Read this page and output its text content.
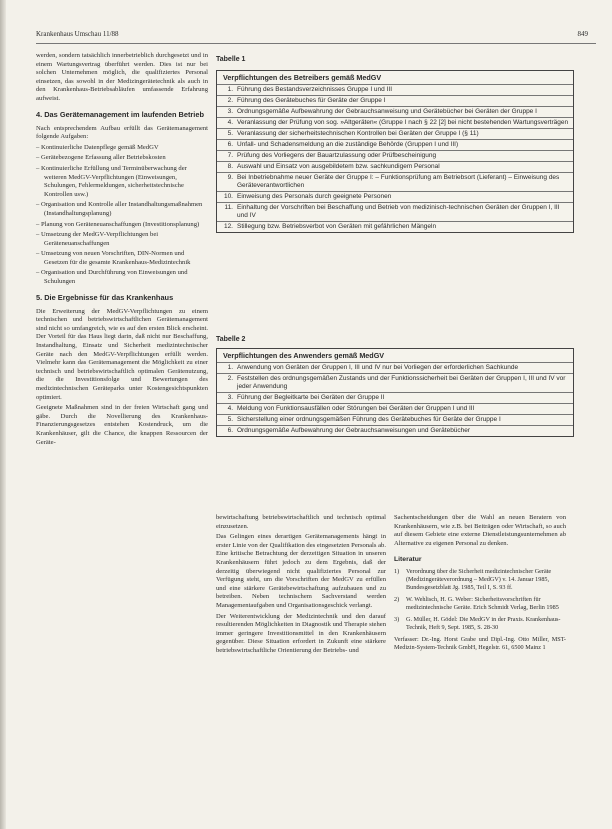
Krankenhaus Umschau 11/88	849

werden, sondern tatsächlich innerbetrieblich durchgesetzt und in einem Wartungsvertrag überführt werden. Dies ist nur bei solchen Unternehmen möglich, die qualifiziertes Personal einsetzen, das sowohl in der Medizingerätetechnik als auch in den Krankenhaus-Betriebsabläufen umfassende Erfahrung aufweist.

4. Das Gerätemanagement im laufenden Betrieb

Nach entsprechendem Aufbau erfüllt das Gerätemanagement folgende Aufgaben:

– Kontinuierliche Datenpflege gemäß MedGV
– Gerätebezogene Erfassung aller Betriebskosten
– Kontinuierliche Erfüllung und Terminüberwachung der weiteren MedGV-Verpflichtungen (Einweisungen, Schulungen, Fehlermeldungen, sicherheitstechnische Kontrollen usw.)
– Organisation und Kontrolle aller Instandhaltungsmaßnahmen (Instandhaltungsplanung)
– Planung von Geräteneuanschaffungen (Investitionsplanung)
– Umsetzung der MedGV-Verpflichtungen bei Geräteneuanschaffungen
– Umsetzung von neuen Vorschriften, DIN-Normen und Gesetzen für die gesamte Krankenhaus-Medizintechnik
– Organisation und Durchführung von Einweisungen und Schulungen
5. Die Ergebnisse für das Krankenhaus

Die Erweiterung der MedGV-Verpflichtungen zu einem technischen und betriebswirtschaftlichen Gerätemanagement sind nicht so umfangreich, wie es auf den ersten Blick erscheint. Der Vorteil für das Haus liegt darin, daß nicht nur Beschaffung, Instandhaltung, Einsatz und Sicherheit medizintechnischer Geräte nach den MedGV-Verpflichtungen erfüllt werden. Vielmehr kann das Gerätemanagement die Möglichkeit zu einer technisch und betriebswirtschaftlich optimalen Gerätenutzung, die die Investitionsfolge und Bewertungen des medizintechnischen Geräteparks unter Kostengesichtspunkten optimiert.

Geeignete Maßnahmen sind in der freien Wirtschaft gang und gäbe. Durch die Novellierung des Krankenhaus-Finanzierungsgesetzes entstehen Kostendruck, um die Krankenhäuser, gilt die Chance, die knappen Ressourcen der Geräte-

Tabelle 1
Verpflichtungen des Betreibers gemäß MedGV
1. Führung des Bestandsverzeichnisses Gruppe I und III
2. Führung des Gerätebuches für Geräte der Gruppe I
3. Ordnungsgemäße Aufbewahrung der Gebrauchsanweisung und Gerätebücher bei Geräten der Gruppe I
4. Veranlassung der Prüfung von sog. »Altgeräten« (Gruppe I nach § 22 [2] bei nicht bestehenden Wartungsverträgen
5. Veranlassung der sicherheitstechnischen Kontrollen bei Geräten der Gruppe I (§ 11)
6. Unfall- und Schadensmeldung an die zuständige Behörde (Gruppen I und III)
7. Prüfung des Vorliegens der Bauartzulassung oder Prüfbescheinigung
8. Auswahl und Einsatz von ausgebildetem bzw. sachkundigem Personal
9. Bei Inbetriebnahme neuer Geräte der Gruppe I: – Funktionsprüfung am Betriebsort (Lieferant) – Einweisung des Geräteverantwortlichen
10. Einweisung des Personals durch geeignete Personen
11. Einhaltung der Vorschriften bei Beschaffung und Betrieb von medizinisch-technischen Geräten der Gruppen I, III und IV
12. Stillegung bzw. Betriebsverbot von Geräten mit gefährlichen Mängeln
Tabelle 2
Verpflichtungen des Anwenders gemäß MedGV
1. Anwendung von Geräten der Gruppen I, III und IV nur bei Vorliegen der erforderlichen Sachkunde
2. Feststellen des ordnungsgemäßen Zustands und der Funktionssicherheit bei Geräten der Gruppen I, III und IV vor jeder Anwendung
3. Führung der Begleitkarte bei Geräten der Gruppe II
4. Meldung von Funktionsausfällen oder Störungen bei Geräten der Gruppen I und III
5. Sicherstellung einer ordnungsgemäßen Führung des Gerätebuches für Geräte der Gruppe I
6. Ordnungsgemäße Aufbewahrung der Gebrauchsanweisungen und Gerätebücher

bewirtschaftung betriebswirtschaftlich und technisch optimal einzusetzen.

Das Gelingen eines derartigen Gerätemanagements hängt in erster Linie von der Qualifikation des eingesetzten Personals ab. Eine kritische Betrachtung der derzeitigen Situation in unseren Krankenhäusern führt jedoch zu dem Ergebnis, daß der derzeitig überwiegend nicht qualifiziertes Personal zur Verfügung steht, um die Vorschriften der MedGV zu erfüllen und eine stärkere Gerätebewirtschaftung aufzubauen und zu betreiben. Neben technischem Sachverstand werden Managementaufgaben und Organisationsgeschick verlangt.

Der Weiterentwicklung der Medizintechnik und den darauf resultierenden Möglichkeiten in Diagnostik und Therapie stehen immer geringere Investitionsmittel in den Krankenhäusern gegenüber. Diese Situation erfordert in Zukunft eine stärkere betriebswirtschaftliche Orientierung der Betriebs- und

Sachentscheidungen über die Wahl an neuen Beratern von Krankenhäusern, wie z.B. bei Beiträgen oder Wirtschaft, so auch auf diesem Gebiete eine externe Dienstleistungsunternehmen ab Alternative zu eigenen Personal zu denken.

Literatur
1)	Verordnung über die Sicherheit medizintechnischer Geräte (Medizingeräteverordnung – MedGV) v. 14. Januar 1985, Bundesgesetzblatt Jg. 1985, Teil I, S. 93 ff.
2)	W. Wehlisch, H. G. Weber: Sicherheitsvorschriften für medizintechnische Geräte. Erich Schmidt Verlag, Berlin 1985
3)	G. Müller, H. Gödel: Die MedGV in der Praxis. Krankenhaus-Technik, Heft 9, Sept. 1985, S. 28-30

Verfasser: Dr.-Ing. Horst Grabe und Dipl.-Ing. Otto Miller, MST-Medizin-System-Technik GmbH, Hegelstr. 61, 6500 Mainz 1
